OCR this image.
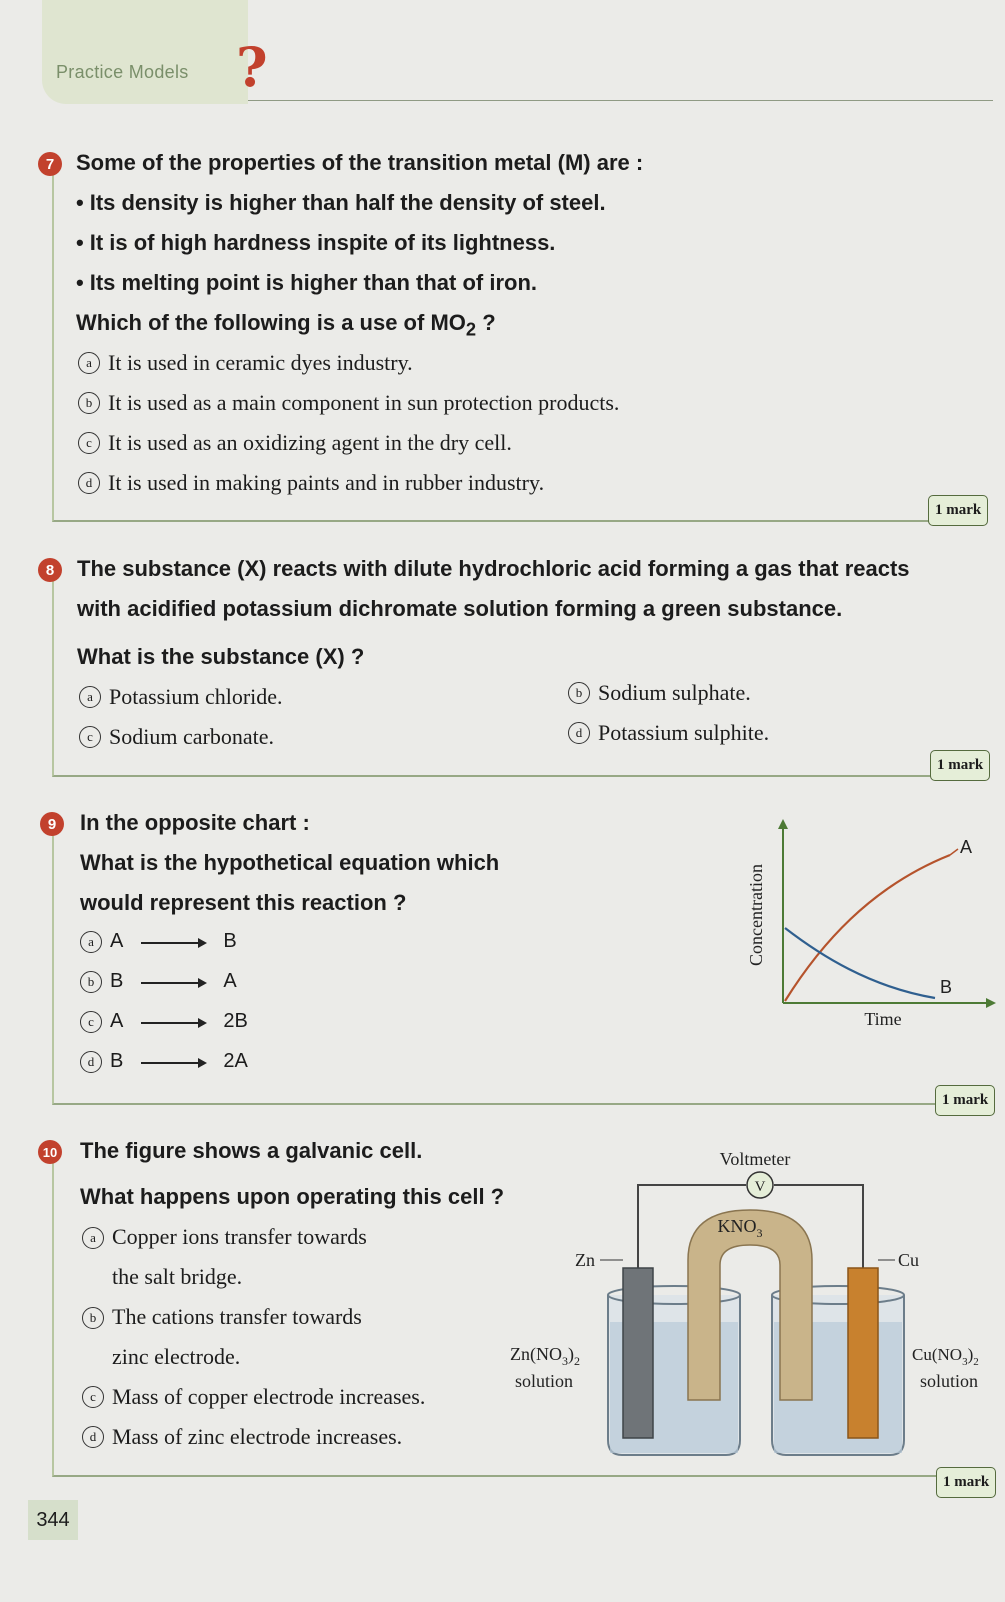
Practice Models ?
7 Some of the properties of the transition metal (M) are :
• Its density is higher than half the density of steel.
• It is of high hardness inspite of its lightness.
• Its melting point is higher than that of iron.
Which of the following is a use of $MO_2$ ?
a It is used in ceramic dyes industry.
b It is used as a main component in sun protection products.
c It is used as an oxidizing agent in the dry cell.
d It is used in making paints and in rubber industry.
1 mark
8	The substance (X) reacts with dilute hydrochloric acid forming a gas that reacts
with acidified potassium dichromate solution forming a green substance.
What is the substance (X) ?
a Potassium chloride.	b Sodium sulphate.
c Sodium carbonate.	d Potassium sulphite.
1 mark
9	In the opposite chart :
What is the hypothetical equation which
would represent this reaction ?
a A → B
b B → A
c A → 2B
d B → 2A
1 mark
Concentration
A
B
Time
10 The figure shows a galvanic cell.
What happens upon operating this cell ?
a Copper ions transfer towards
the salt bridge.
b The cations transfer towards
zinc electrode.
c Mass of copper electrode increases.
d Mass of zinc electrode increases.
1 mark
Voltmeter
V
$KNO_3$
Zn	Cu
$Zn(NO_3)_2$
solution
$Cu(NO_3)_2$
solution
344
